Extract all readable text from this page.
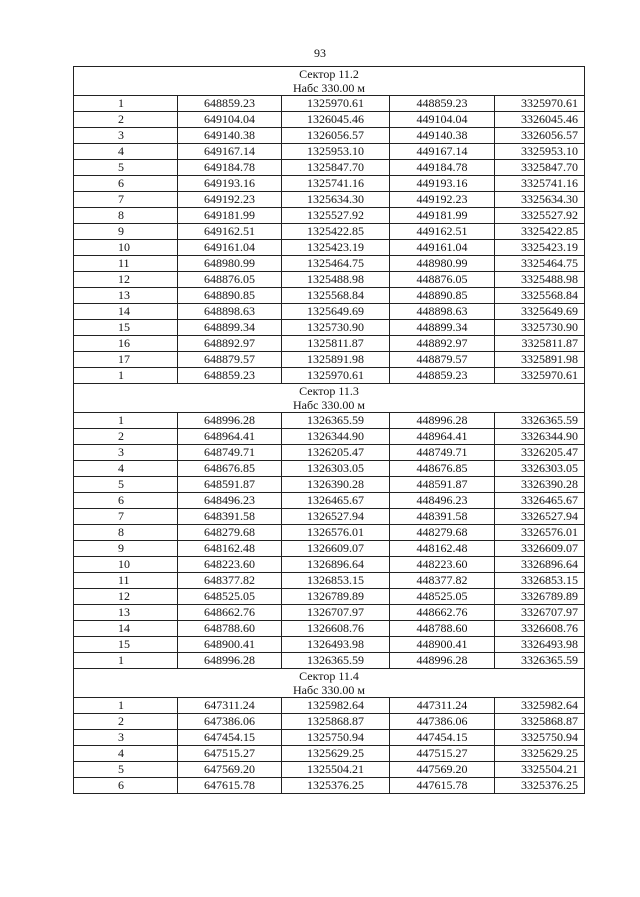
93
Сектор 11.2				
Набс 330.00 м				
1	648859.23	1325970.61	448859.23	3325970.61
2	649104.04	1326045.46	449104.04	3326045.46
3	649140.38	1326056.57	449140.38	3326056.57
4	649167.14	1325953.10	449167.14	3325953.10
5	649184.78	1325847.70	449184.78	3325847.70
6	649193.16	1325741.16	449193.16	3325741.16
7	649192.23	1325634.30	449192.23	3325634.30
8	649181.99	1325527.92	449181.99	3325527.92
9	649162.51	1325422.85	449162.51	3325422.85
10	649161.04	1325423.19	449161.04	3325423.19
11	648980.99	1325464.75	448980.99	3325464.75
12	648876.05	1325488.98	448876.05	3325488.98
13	648890.85	1325568.84	448890.85	3325568.84
14	648898.63	1325649.69	448898.63	3325649.69
15	648899.34	1325730.90	448899.34	3325730.90
16	648892.97	1325811.87	448892.97	3325811.87
17	648879.57	1325891.98	448879.57	3325891.98
1	648859.23	1325970.61	448859.23	3325970.61
Сектор 11.3				
Набс 330.00 м				
1	648996.28	1326365.59	448996.28	3326365.59
2	648964.41	1326344.90	448964.41	3326344.90
3	648749.71	1326205.47	448749.71	3326205.47
4	648676.85	1326303.05	448676.85	3326303.05
5	648591.87	1326390.28	448591.87	3326390.28
6	648496.23	1326465.67	448496.23	3326465.67
7	648391.58	1326527.94	448391.58	3326527.94
8	648279.68	1326576.01	448279.68	3326576.01
9	648162.48	1326609.07	448162.48	3326609.07
10	648223.60	1326896.64	448223.60	3326896.64
11	648377.82	1326853.15	448377.82	3326853.15
12	648525.05	1326789.89	448525.05	3326789.89
13	648662.76	1326707.97	448662.76	3326707.97
14	648788.60	1326608.76	448788.60	3326608.76
15	648900.41	1326493.98	448900.41	3326493.98
1	648996.28	1326365.59	448996.28	3326365.59
Сектор 11.4				
Набс 330.00 м				
1	647311.24	1325982.64	447311.24	3325982.64
2	647386.06	1325868.87	447386.06	3325868.87
3	647454.15	1325750.94	447454.15	3325750.94
4	647515.27	1325629.25	447515.27	3325629.25
5	647569.20	1325504.21	447569.20	3325504.21
6	647615.78	1325376.25	447615.78	3325376.25
